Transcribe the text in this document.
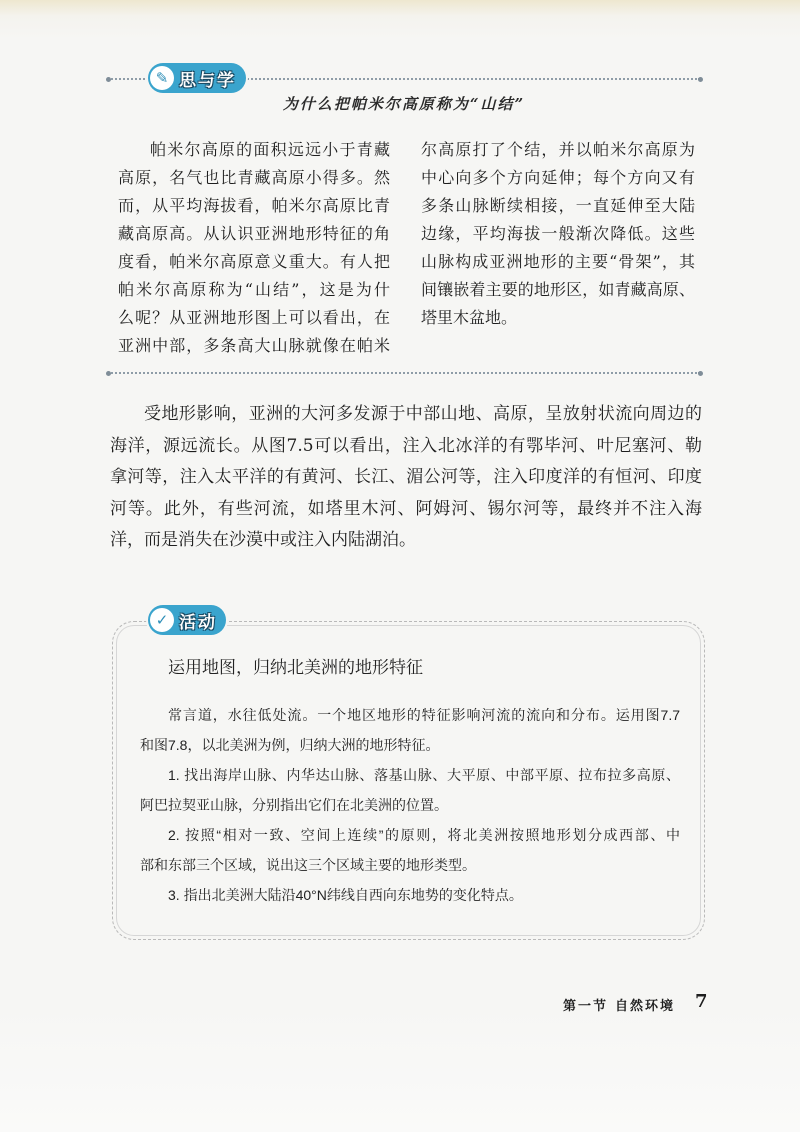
✎ 思与学
为什么把帕米尔高原称为“山结”
帕米尔高原的面积远远小于青藏
高原，名气也比青藏高原小得多。然
而，从平均海拔看，帕米尔高原比青
藏高原高。从认识亚洲地形特征的角
度看，帕米尔高原意义重大。有人把
帕米尔高原称为“山结”，这是为什
么呢？从亚洲地形图上可以看出，在
亚洲中部，多条高大山脉就像在帕米
尔高原打了个结，并以帕米尔高原为
中心向多个方向延伸；每个方向又有
多条山脉断续相接，一直延伸至大陆
边缘，平均海拔一般渐次降低。这些
山脉构成亚洲地形的主要“骨架”，其
间镶嵌着主要的地形区，如青藏高原、
塔里木盆地。
受地形影响，亚洲的大河多发源于中部山地、高原，呈放射状流向周边的
海洋，源远流长。从图7.5可以看出，注入北冰洋的有鄂毕河、叶尼塞河、勒
拿河等，注入太平洋的有黄河、长江、湄公河等，注入印度洋的有恒河、印度
河等。此外，有些河流，如塔里木河、阿姆河、锡尔河等，最终并不注入海
洋，而是消失在沙漠中或注入内陆湖泊。
✓ 活动
运用地图，归纳北美洲的地形特征
常言道，水往低处流。一个地区地形的特征影响河流的流向和分布。运用图7.7
和图7.8，以北美洲为例，归纳大洲的地形特征。
1. 找出海岸山脉、内华达山脉、落基山脉、大平原、中部平原、拉布拉多高原、
阿巴拉契亚山脉，分别指出它们在北美洲的位置。
2. 按照“相对一致、空间上连续”的原则，将北美洲按照地形划分成西部、中
部和东部三个区域，说出这三个区域主要的地形类型。
3. 指出北美洲大陆沿40°N纬线自西向东地势的变化特点。
第一节 自然环境 7
